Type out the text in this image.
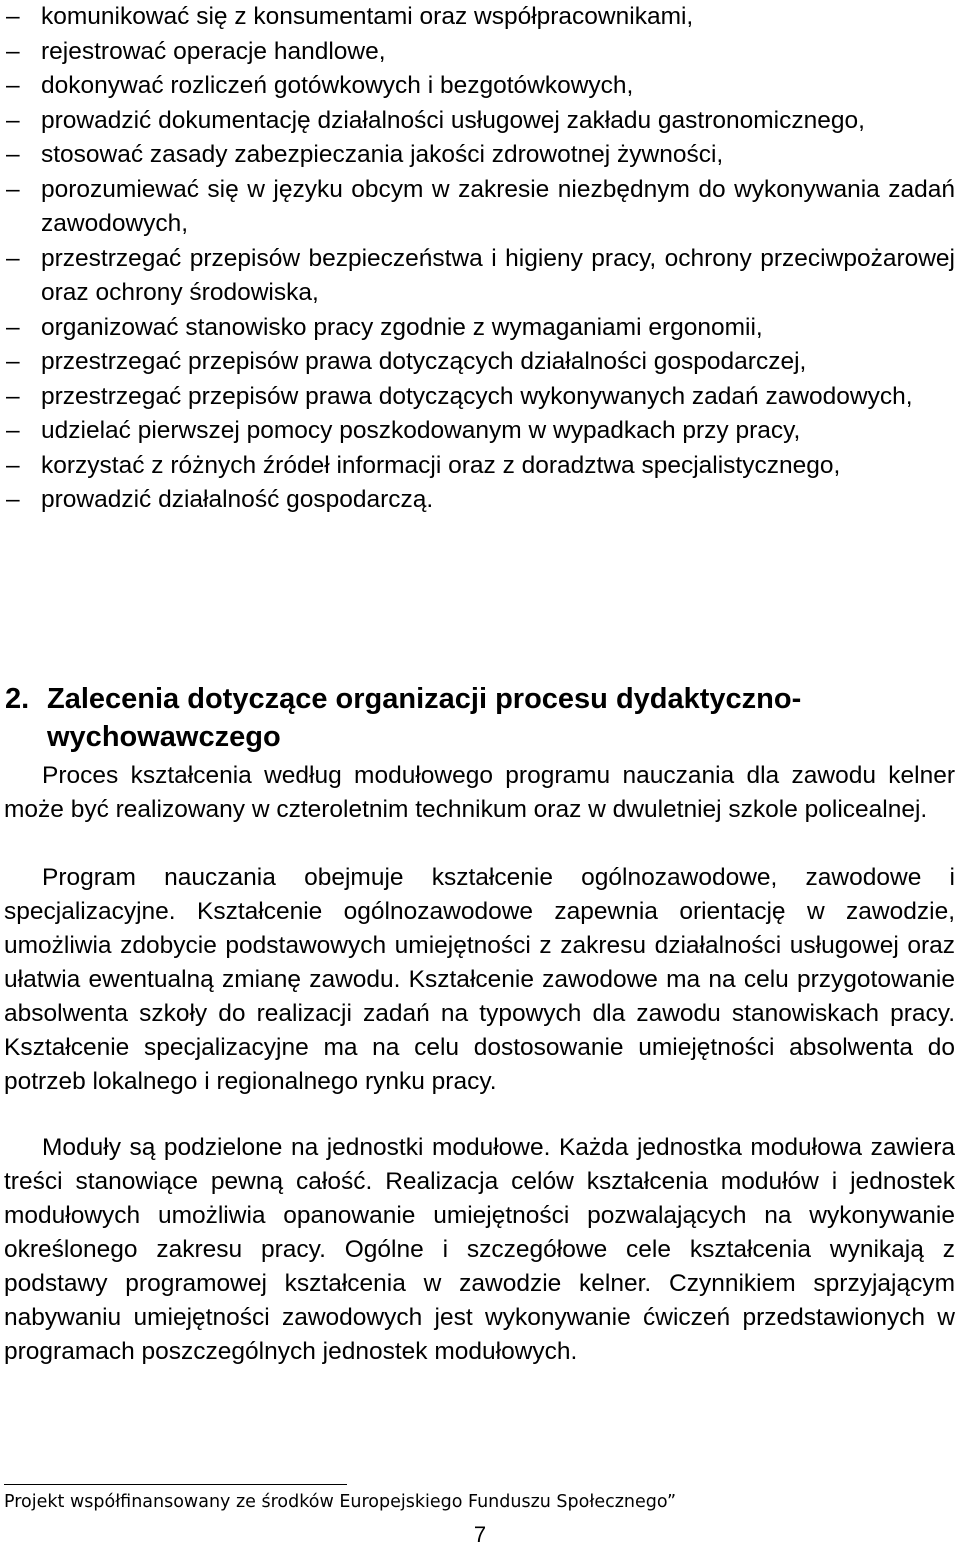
– komunikować się z konsumentami oraz współpracownikami,
– rejestrować operacje handlowe,
– dokonywać rozliczeń gotówkowych i bezgotówkowych,
– prowadzić dokumentację działalności usługowej zakładu gastronomicznego,
– stosować zasady zabezpieczania jakości zdrowotnej żywności,
– porozumiewać się w języku obcym w zakresie niezbędnym do wykonywania zadań zawodowych,
– przestrzegać przepisów bezpieczeństwa i higieny pracy, ochrony przeciwpożarowej oraz ochrony środowiska,
– organizować stanowisko pracy zgodnie z wymaganiami ergonomii,
– przestrzegać przepisów prawa dotyczących działalności gospodarczej,
– przestrzegać przepisów prawa dotyczących wykonywanych zadań zawodowych,
– udzielać pierwszej pomocy poszkodowanym w wypadkach przy pracy,
– korzystać z różnych źródeł informacji oraz z doradztwa specjalistycznego,
– prowadzić działalność gospodarczą.
2. Zalecenia dotyczące organizacji procesu dydaktyczno-wychowawczego

Proces kształcenia według modułowego programu nauczania dla zawodu kelner może być realizowany w czteroletnim technikum oraz w dwuletniej szkole policealnej.

Program nauczania obejmuje kształcenie ogólnozawodowe, zawodowe i specjalizacyjne. Kształcenie ogólnozawodowe zapewnia orientację w zawodzie, umożliwia zdobycie podstawowych umiejętności z zakresu działalności usługowej oraz ułatwia ewentualną zmianę zawodu. Kształcenie zawodowe ma na celu przygotowanie absolwenta szkoły do realizacji zadań na typowych dla zawodu stanowiskach pracy. Kształcenie specjalizacyjne ma na celu dostosowanie umiejętności absolwenta do potrzeb lokalnego i regionalnego rynku pracy.

Moduły są podzielone na jednostki modułowe. Każda jednostka modułowa zawiera treści stanowiące pewną całość. Realizacja celów kształcenia modułów i jednostek modułowych umożliwia opanowanie umiejętności pozwalających na wykonywanie określonego zakresu pracy. Ogólne i szczegółowe cele kształcenia wynikają z podstawy programowej kształcenia w zawodzie kelner. Czynnikiem sprzyjającym nabywaniu umiejętności zawodowych jest wykonywanie ćwiczeń przedstawionych w programach poszczególnych jednostek modułowych.

Projekt współfinansowany ze środków Europejskiego Funduszu Społecznego”
7
